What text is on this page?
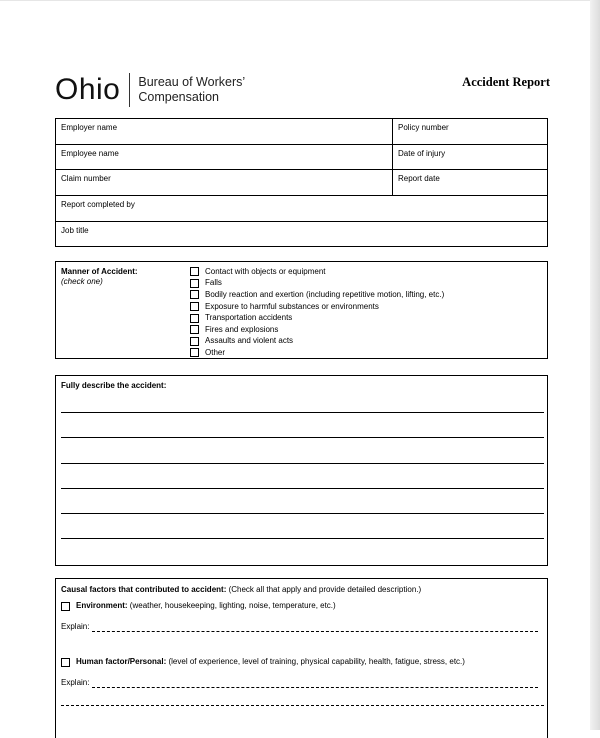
Ohio Bureau of Workers’
Compensation
Accident Report
Employer name	Policy number
Employee name	Date of injury
Claim number	Report date
Report completed by
Job title
Manner of Accident:
(check one)
Contact with objects or equipment
Falls
Bodily reaction and exertion (including repetitive motion, lifting, etc.)
Exposure to harmful substances or environments
Transportation accidents
Fires and explosions
Assaults and violent acts
Other
Fully describe the accident:
Causal factors that contributed to accident: (Check all that apply and provide detailed description.)
Environment: (weather, housekeeping, lighting, noise, temperature, etc.)
Explain:
Human factor/Personal: (level of experience, level of training, physical capability, health, fatigue, stress, etc.)
Explain:
